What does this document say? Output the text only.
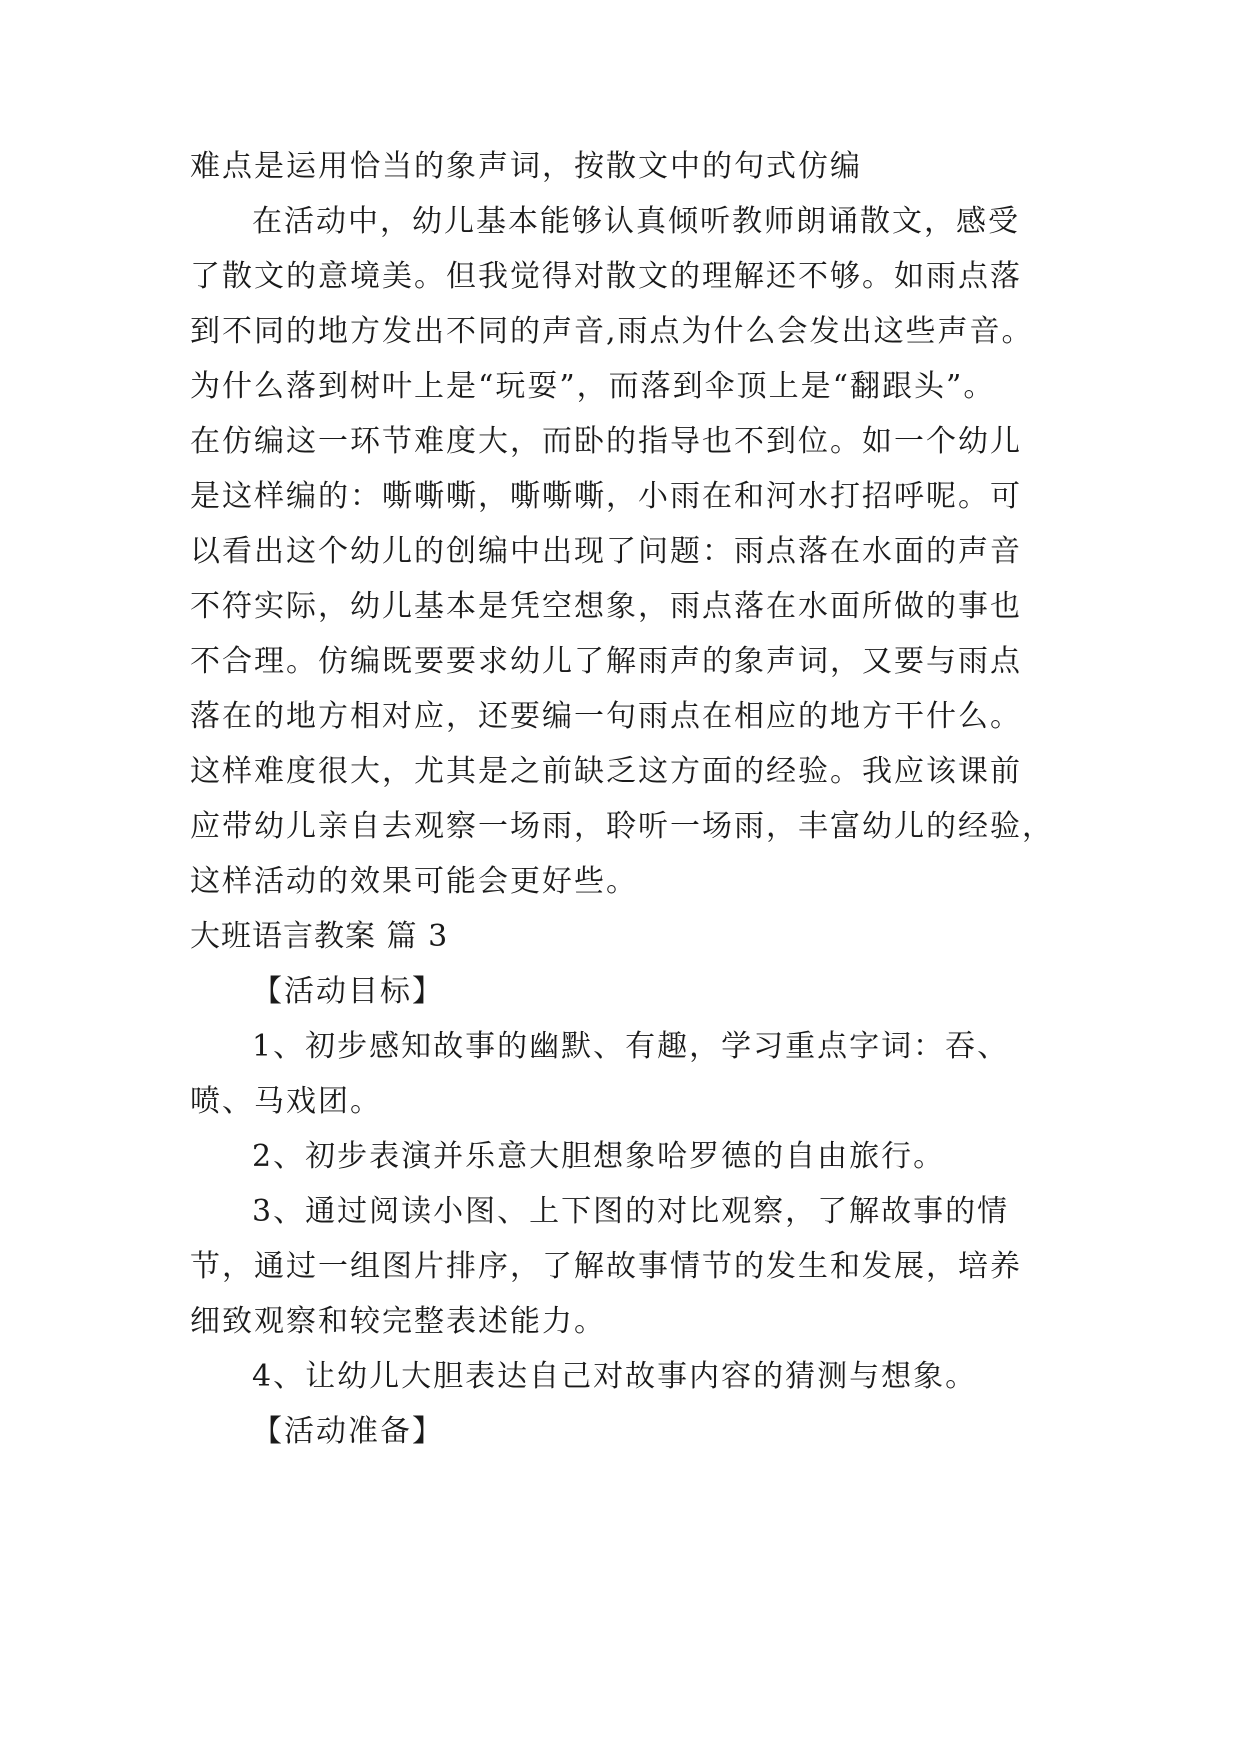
难点是运用恰当的象声词，按散文中的句式仿编
在活动中，幼儿基本能够认真倾听教师朗诵散文，感受
了散文的意境美。但我觉得对散文的理解还不够。如雨点落
到不同的地方发出不同的声音,雨点为什么会发出这些声音。
为什么落到树叶上是“玩耍”，而落到伞顶上是“翻跟头”。
在仿编这一环节难度大，而卧的指导也不到位。如一个幼儿
是这样编的：嘶嘶嘶，嘶嘶嘶，小雨在和河水打招呼呢。可
以看出这个幼儿的创编中出现了问题：雨点落在水面的声音
不符实际，幼儿基本是凭空想象，雨点落在水面所做的事也
不合理。仿编既要要求幼儿了解雨声的象声词，又要与雨点
落在的地方相对应，还要编一句雨点在相应的地方干什么。
这样难度很大，尤其是之前缺乏这方面的经验。我应该课前
应带幼儿亲自去观察一场雨，聆听一场雨，丰富幼儿的经验，
这样活动的效果可能会更好些。
大班语言教案 篇 3
【活动目标】
1、初步感知故事的幽默、有趣，学习重点字词：吞、
喷、马戏团。
2、初步表演并乐意大胆想象哈罗德的自由旅行。
3、通过阅读小图、上下图的对比观察，了解故事的情
节，通过一组图片排序，了解故事情节的发生和发展，培养
细致观察和较完整表述能力。
4、让幼儿大胆表达自己对故事内容的猜测与想象。
【活动准备】
